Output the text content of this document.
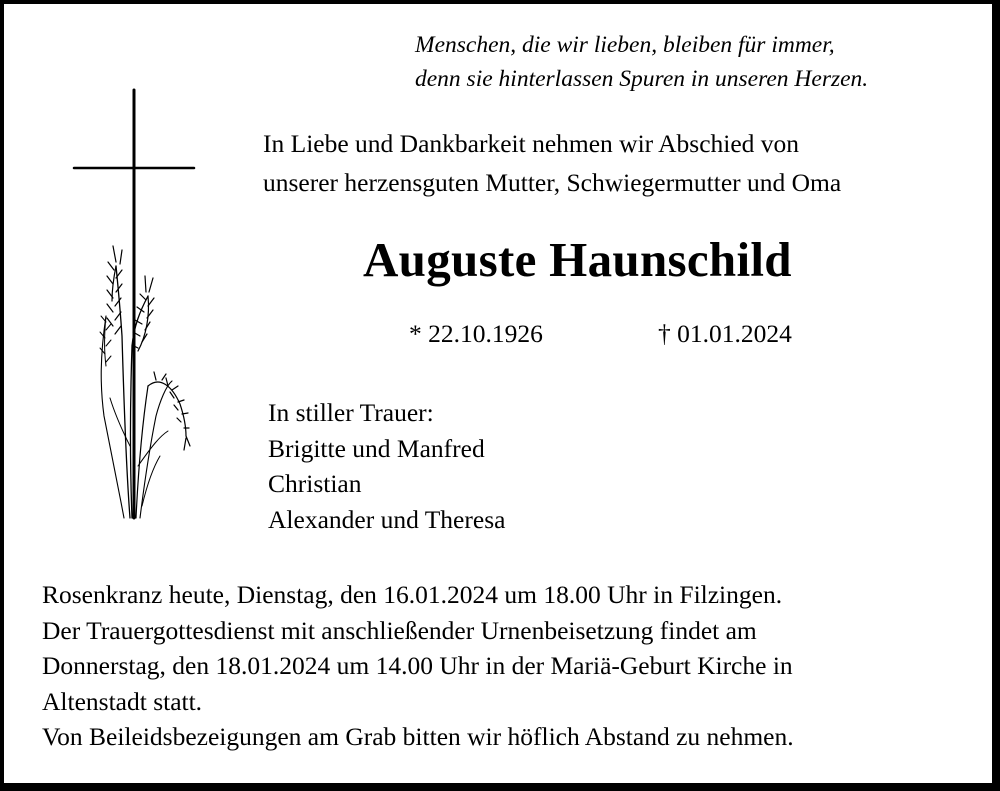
Menschen, die wir lieben, bleiben für immer,
denn sie hinterlassen Spuren in unseren Herzen.
In Liebe und Dankbarkeit nehmen wir Abschied von
unserer herzensguten Mutter, Schwiegermutter und Oma
Auguste Haunschild
* 22.10.1926	† 01.01.2024
In stiller Trauer:
Brigitte und Manfred
Christian
Alexander und Theresa
Rosenkranz heute, Dienstag, den 16.01.2024 um 18.00 Uhr in Filzingen.
Der Trauergottesdienst mit anschließender Urnenbeisetzung findet am
Donnerstag, den 18.01.2024 um 14.00 Uhr in der Mariä-Geburt Kirche in
Altenstadt statt.
Von Beileidsbezeigungen am Grab bitten wir höflich Abstand zu nehmen.
